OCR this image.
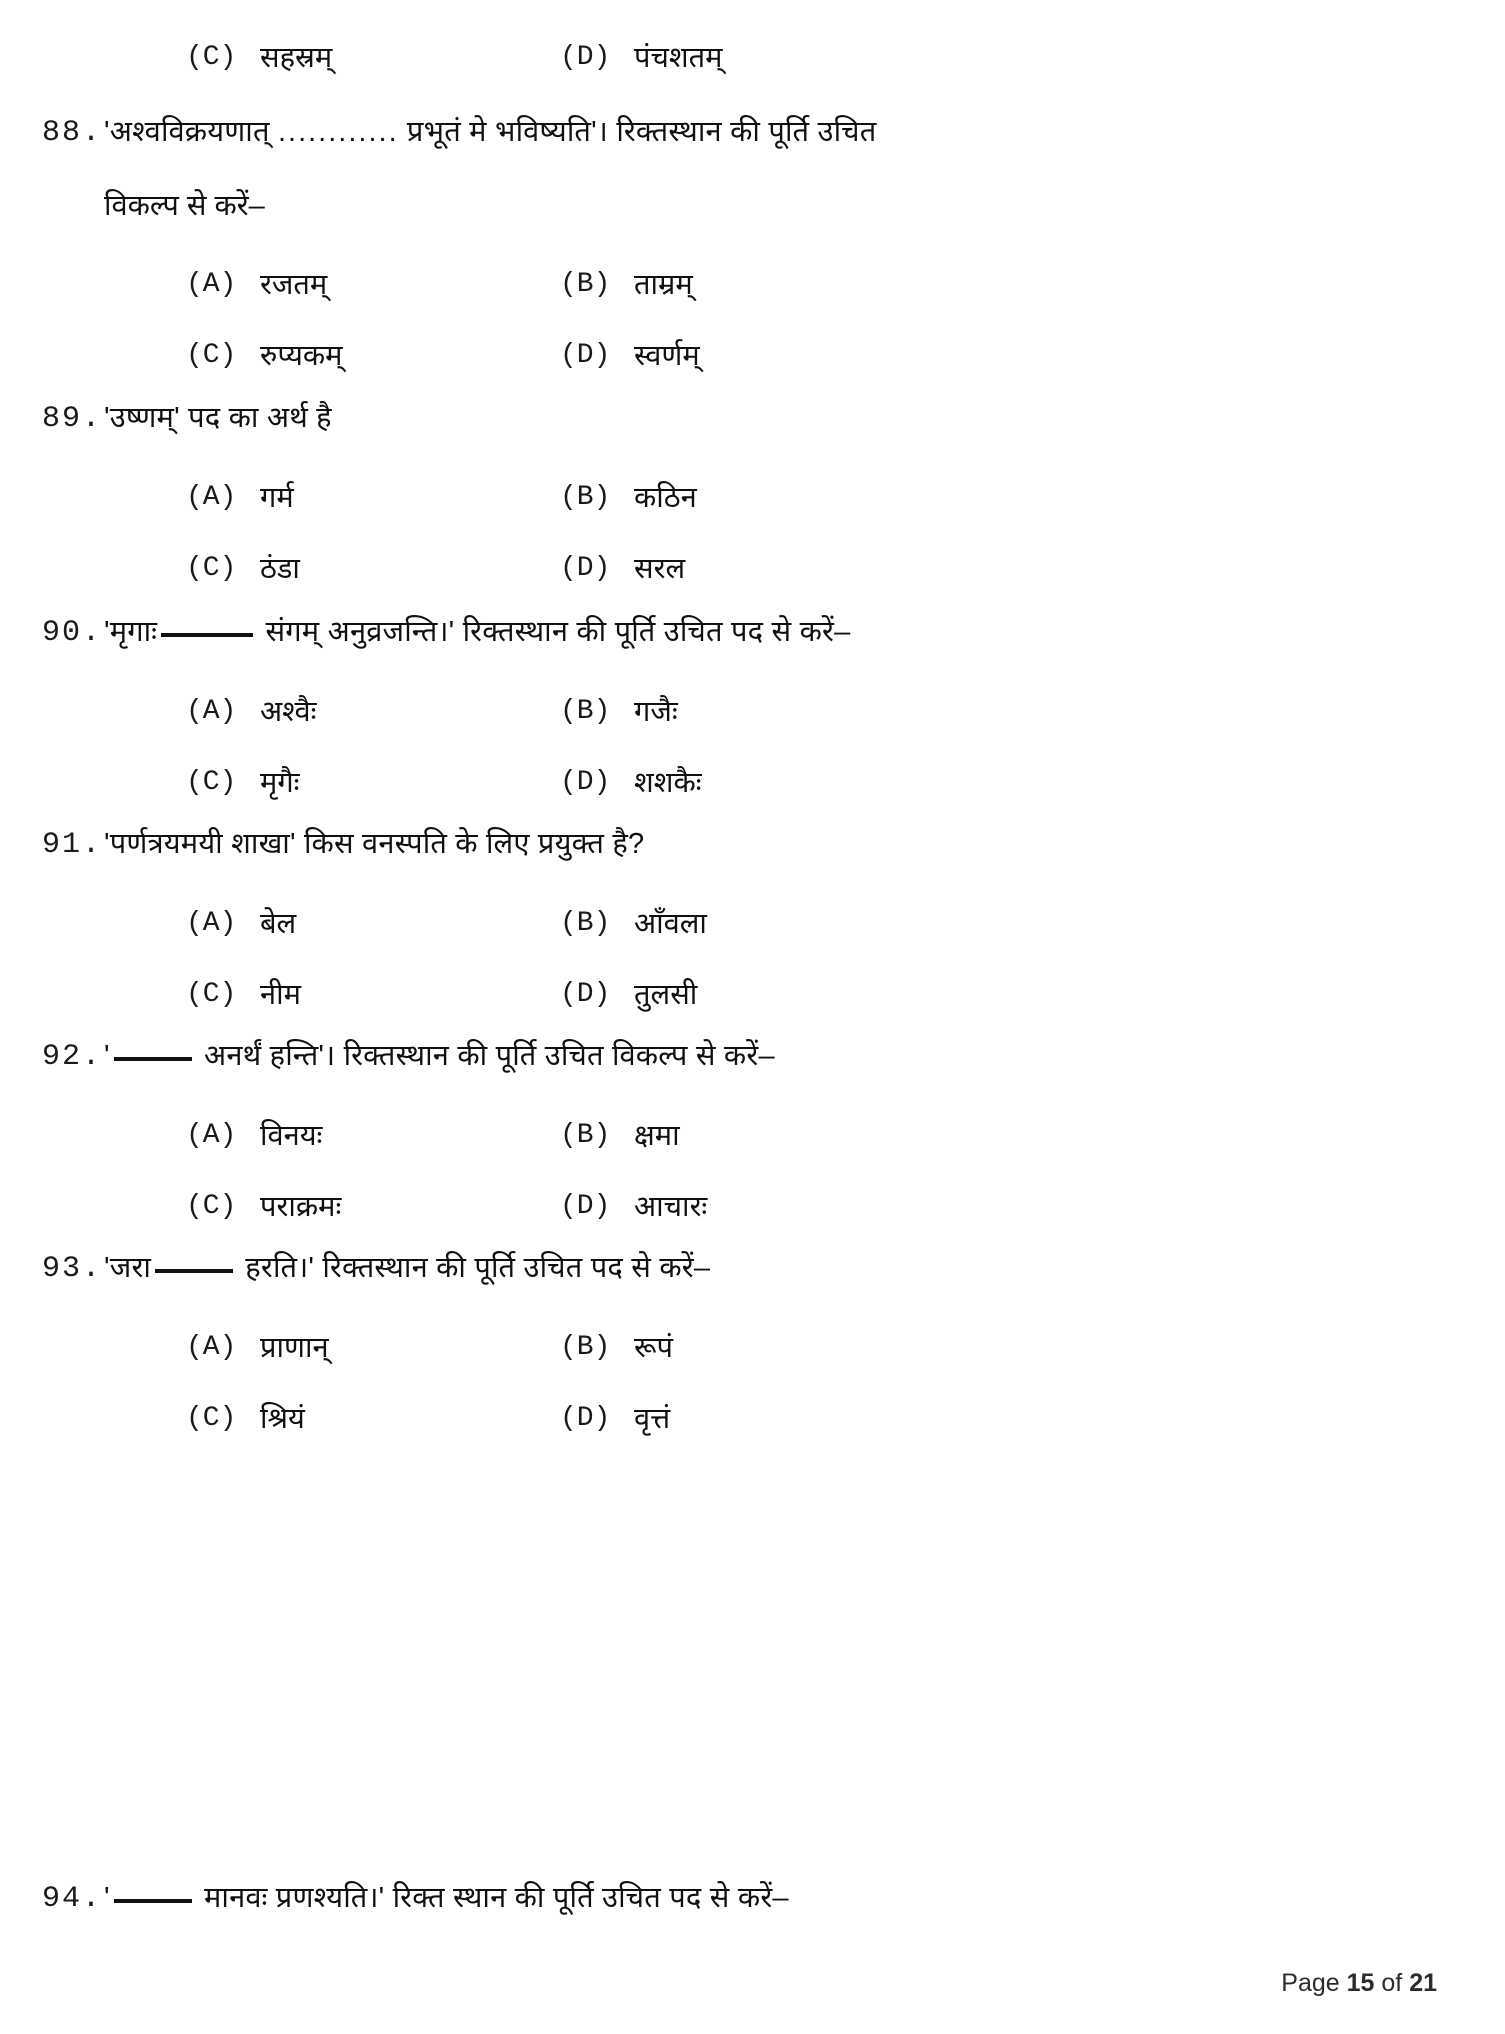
(C) सहस्रम्	(D) पंचशतम्
88. 'अश्वविक्रयणात् ............ प्रभूतं मे भविष्यति'। रिक्तस्थान की पूर्ति उचित
विकल्प से करें–
(A) रजतम्	(B) ताम्रम्
(C) रुप्यकम्	(D) स्वर्णम्
89. 'उष्णम्' पद का अर्थ है
(A) गर्म	(B) कठिन
(C) ठंडा	(D) सरल
90. 'मृगाः	संगम् अनुव्रजन्ति।' रिक्तस्थान की पूर्ति उचित पद से करें–
(A) अश्वैः	(B) गजैः
(C) मृगैः	(D) शशकैः
91. 'पर्णत्रयमयी शाखा' किस वनस्पति के लिए प्रयुक्त है?
(A) बेल	(B) आँवला
(C) नीम	(D) तुलसी
92. '	अनर्थं हन्ति'। रिक्तस्थान की पूर्ति उचित विकल्प से करें–
(A) विनयः	(B) क्षमा
(C) पराक्रमः	(D) आचारः
93. 'जरा	हरति।' रिक्तस्थान की पूर्ति उचित पद से करें–
(A) प्राणान्	(B) रूपं
(C) श्रियं	(D) वृत्तं
94. '	मानवः प्रणश्यति।' रिक्त स्थान की पूर्ति उचित पद से करें–
Page 15 of 21
